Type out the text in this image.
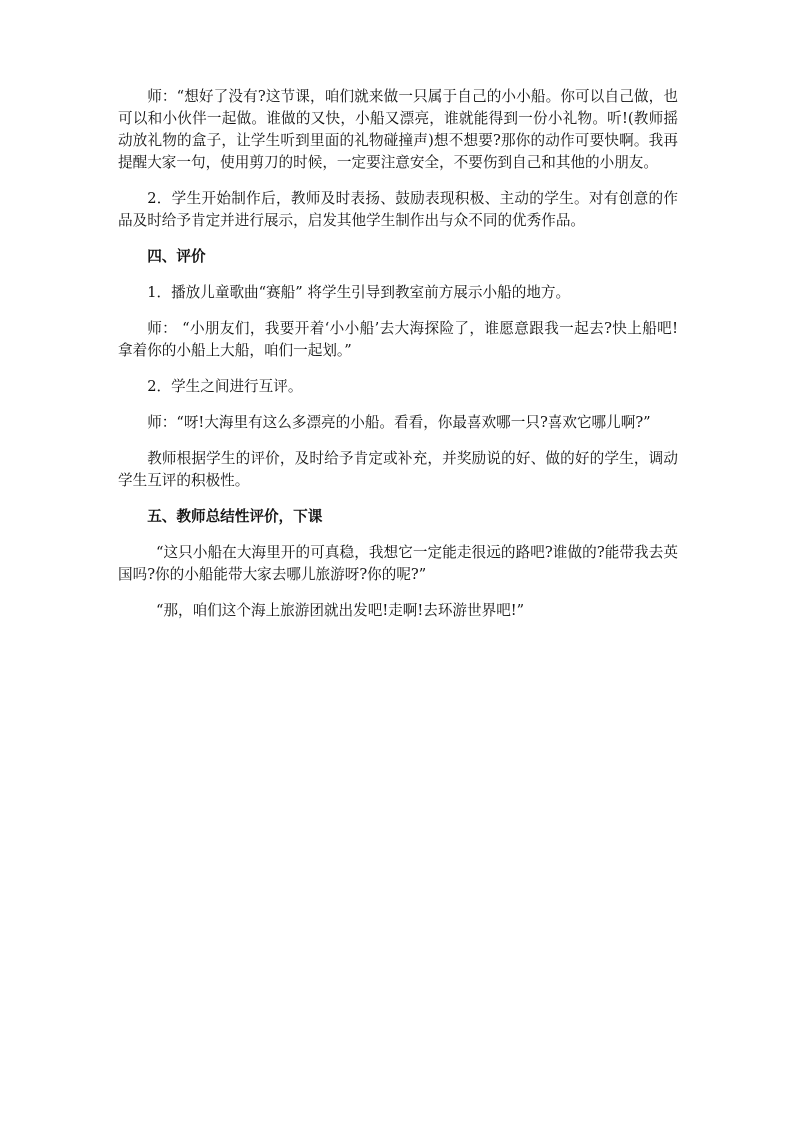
师：“想好了没有?这节课，咱们就来做一只属于自己的小小船。你可以自己做，也可以和小伙伴一起做。谁做的又快，小船又漂亮，谁就能得到一份小礼物。听!(教师摇动放礼物的盒子，让学生听到里面的礼物碰撞声)想不想要?那你的动作可要快啊。我再提醒大家一句，使用剪刀的时候，一定要注意安全，不要伤到自己和其他的小朋友。

2．学生开始制作后，教师及时表扬、鼓励表现积极、主动的学生。对有创意的作品及时给予肯定并进行展示，启发其他学生制作出与众不同的优秀作品。

四、评价

1．播放儿童歌曲“赛船” 将学生引导到教室前方展示小船的地方。

师： “小朋友们，我要开着‘小小船’去大海探险了，谁愿意跟我一起去?快上船吧!拿着你的小船上大船，咱们一起划。”

2．学生之间进行互评。

师：“呀!大海里有这么多漂亮的小船。看看，你最喜欢哪一只?喜欢它哪儿啊?”

教师根据学生的评价，及时给予肯定或补充，并奖励说的好、做的好的学生，调动学生互评的积极性。

五、教师总结性评价，下课

“这只小船在大海里开的可真稳，我想它一定能走很远的路吧?谁做的?能带我去英国吗?你的小船能带大家去哪儿旅游呀?你的呢?”

“那，咱们这个海上旅游团就出发吧!走啊!去环游世界吧!”
